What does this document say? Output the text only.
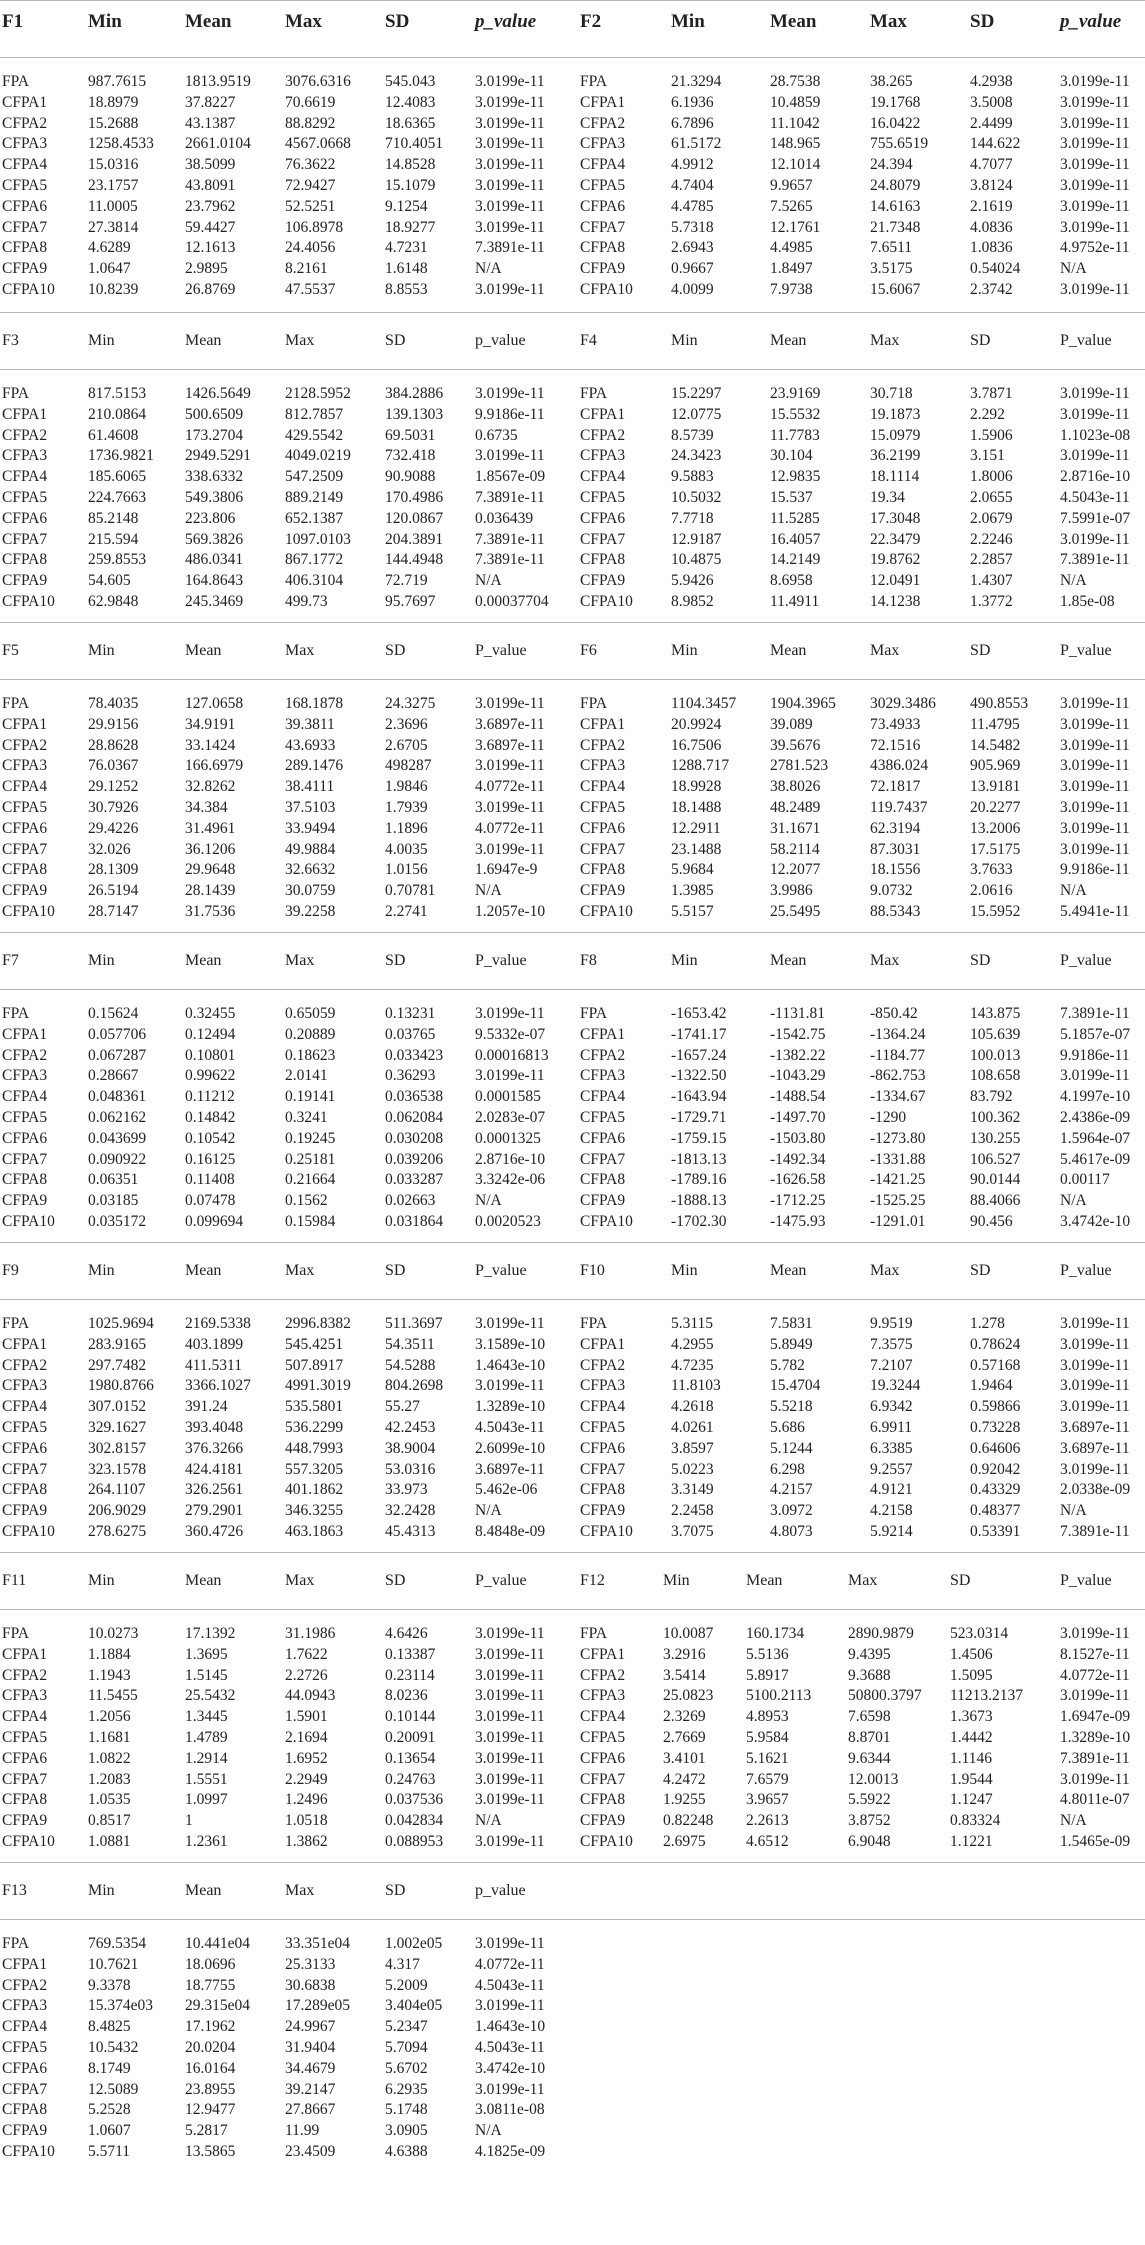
F1	Min	Mean	Max	SD	p_value F2	Min	Mean	Max	SD	p_value
FPA	987.7615	1813.9519 3076.6316 545.043	3.0199e-11
CFPA1	18.8979	37.8227	70.6619	12.4083	3.0199e-11
CFPA2	15.2688	43.1387	88.8292	18.6365	3.0199e-11
CFPA3	1258.4533 2661.0104 4567.0668 710.4051 3.0199e-11
CFPA4	15.0316	38.5099	76.3622	14.8528	3.0199e-11
CFPA5	23.1757	43.8091	72.9427	15.1079	3.0199e-11
CFPA6	11.0005	23.7962	52.5251	9.1254	3.0199e-11
CFPA7	27.3814	59.4427	106.8978	18.9277	3.0199e-11
CFPA8	4.6289	12.1613	24.4056	4.7231	7.3891e-11
CFPA9	1.0647	2.9895	8.2161	1.6148	N/A
CFPA10 10.8239	26.8769	47.5537	8.8553	3.0199e-11
FPA	21.3294	28.7538	38.265	4.2938	3.0199e-11
CFPA1	6.1936	10.4859	19.1768	3.5008	3.0199e-11
CFPA2	6.7896	11.1042	16.0422	2.4499	3.0199e-11
CFPA3	61.5172	148.965	755.6519	144.622	3.0199e-11
CFPA4	4.9912	12.1014	24.394	4.7077	3.0199e-11
CFPA5	4.7404	9.9657	24.8079	3.8124	3.0199e-11
CFPA6	4.4785	7.5265	14.6163	2.1619	3.0199e-11
CFPA7	5.7318	12.1761	21.7348	4.0836	3.0199e-11
CFPA8	2.6943	4.4985	7.6511	1.0836	4.9752e-11
CFPA9	0.9667	1.8497	3.5175	0.54024	N/A
CFPA10 4.0099	7.9738	15.6067	2.3742	3.0199e-11
F3	Min	Mean	Max	SD	p_value	F4	Min	Mean	Max	SD	P_value
FPA	817.5153	1426.5649 2128.5952 384.2886 3.0199e-11
CFPA1	210.0864	500.6509	812.7857	139.1303 9.9186e-11
CFPA2	61.4608	173.2704	429.5542	69.5031	0.6735
CFPA3	1736.9821 2949.5291 4049.0219 732.418	3.0199e-11
CFPA4	185.6065	338.6332	547.2509	90.9088	1.8567e-09
CFPA5	224.7663	549.3806	889.2149	170.4986 7.3891e-11
CFPA6	85.2148	223.806	652.1387	120.0867 0.036439
CFPA7	215.594	569.3826	1097.0103 204.3891 7.3891e-11
CFPA8	259.8553	486.0341	867.1772	144.4948 7.3891e-11
CFPA9	54.605	164.8643	406.3104	72.719	N/A
CFPA10 62.9848	245.3469	499.73	95.7697	0.00037704
FPA	15.2297	23.9169	30.718	3.7871	3.0199e-11
CFPA1	12.0775	15.5532	19.1873	2.292	3.0199e-11
CFPA2	8.5739	11.7783	15.0979	1.5906	1.1023e-08
CFPA3	24.3423	30.104	36.2199	3.151	3.0199e-11
CFPA4	9.5883	12.9835	18.1114	1.8006	2.8716e-10
CFPA5	10.5032	15.537	19.34	2.0655	4.5043e-11
CFPA6	7.7718	11.5285	17.3048	2.0679	7.5991e-07
CFPA7	12.9187	16.4057	22.3479	2.2246	3.0199e-11
CFPA8	10.4875	14.2149	19.8762	2.2857	7.3891e-11
CFPA9	5.9426	8.6958	12.0491	1.4307	N/A
CFPA10 8.9852	11.4911	14.1238	1.3772	1.85e-08
F5	Min	Mean	Max	SD	P_value	F6	Min	Mean	Max	SD	P_value
FPA	78.4035	127.0658	168.1878	24.3275	3.0199e-11
CFPA1	29.9156	34.9191	39.3811	2.3696	3.6897e-11
CFPA2	28.8628	33.1424	43.6933	2.6705	3.6897e-11
CFPA3	76.0367	166.6979	289.1476	498287	3.0199e-11
CFPA4	29.1252	32.8262	38.4111	1.9846	4.0772e-11
CFPA5	30.7926	34.384	37.5103	1.7939	3.0199e-11
CFPA6	29.4226	31.4961	33.9494	1.1896	4.0772e-11
CFPA7	32.026	36.1206	49.9884	4.0035	3.0199e-11
CFPA8	28.1309	29.9648	32.6632	1.0156	1.6947e-9
CFPA9	26.5194	28.1439	30.0759	0.70781	N/A
CFPA10 28.7147	31.7536	39.2258	2.2741	1.2057e-10
FPA	1104.3457 1904.3965 3029.3486 490.8553 3.0199e-11
CFPA1	20.9924	39.089	73.4933	11.4795	3.0199e-11
CFPA2	16.7506	39.5676	72.1516	14.5482	3.0199e-11
CFPA3	1288.717	2781.523	4386.024	905.969	3.0199e-11
CFPA4	18.9928	38.8026	72.1817	13.9181	3.0199e-11
CFPA5	18.1488	48.2489	119.7437	20.2277	3.0199e-11
CFPA6	12.2911	31.1671	62.3194	13.2006	3.0199e-11
CFPA7	23.1488	58.2114	87.3031	17.5175	3.0199e-11
CFPA8	5.9684	12.2077	18.1556	3.7633	9.9186e-11
CFPA9	1.3985	3.9986	9.0732	2.0616	N/A
CFPA10 5.5157	25.5495	88.5343	15.5952	5.4941e-11
F7	Min	Mean	Max	SD	P_value	F8	Min	Mean	Max	SD	P_value
FPA	0.15624	0.32455	0.65059	0.13231	3.0199e-11
CFPA1	0.057706	0.12494	0.20889	0.03765	9.5332e-07
CFPA2	0.067287	0.10801	0.18623	0.033423 0.00016813
CFPA3	0.28667	0.99622	2.0141	0.36293	3.0199e-11
CFPA4	0.048361	0.11212	0.19141	0.036538 0.0001585
CFPA5	0.062162	0.14842	0.3241	0.062084 2.0283e-07
CFPA6	0.043699	0.10542	0.19245	0.030208 0.0001325
CFPA7	0.090922	0.16125	0.25181	0.039206 2.8716e-10
CFPA8	0.06351	0.11408	0.21664	0.033287 3.3242e-06
CFPA9	0.03185	0.07478	0.1562	0.02663	N/A
CFPA10 0.035172	0.099694	0.15984	0.031864 0.0020523
FPA	-1653.42	-1131.81	-850.42	143.875	7.3891e-11
CFPA1	-1741.17	-1542.75	-1364.24	105.639	5.1857e-07
CFPA2	-1657.24	-1382.22	-1184.77	100.013	9.9186e-11
CFPA3	-1322.50	-1043.29	-862.753	108.658	3.0199e-11
CFPA4	-1643.94	-1488.54	-1334.67	83.792	4.1997e-10
CFPA5	-1729.71	-1497.70	-1290	100.362	2.4386e-09
CFPA6	-1759.15	-1503.80	-1273.80	130.255	1.5964e-07
CFPA7	-1813.13	-1492.34	-1331.88	106.527	5.4617e-09
CFPA8	-1789.16	-1626.58	-1421.25	90.0144	0.00117
CFPA9	-1888.13	-1712.25	-1525.25	88.4066	N/A
CFPA10 -1702.30	-1475.93	-1291.01	90.456	3.4742e-10
F9	Min	Mean	Max	SD	P_value	F10	Min	Mean	Max	SD	P_value
FPA	1025.9694 2169.5338 2996.8382 511.3697 3.0199e-11
CFPA1	283.9165	403.1899	545.4251	54.3511	3.1589e-10
CFPA2	297.7482	411.5311	507.8917	54.5288	1.4643e-10
CFPA3	1980.8766 3366.1027 4991.3019 804.2698 3.0199e-11
CFPA4	307.0152	391.24	535.5801	55.27	1.3289e-10
CFPA5	329.1627	393.4048	536.2299	42.2453	4.5043e-11
CFPA6	302.8157	376.3266	448.7993	38.9004	2.6099e-10
CFPA7	323.1578	424.4181	557.3205	53.0316	3.6897e-11
CFPA8	264.1107	326.2561	401.1862	33.973	5.462e-06
CFPA9	206.9029	279.2901	346.3255	32.2428	N/A
CFPA10 278.6275	360.4726	463.1863	45.4313	8.4848e-09
FPA	5.3115	7.5831	9.9519	1.278	3.0199e-11
CFPA1	4.2955	5.8949	7.3575	0.78624	3.0199e-11
CFPA2	4.7235	5.782	7.2107	0.57168	3.0199e-11
CFPA3	11.8103	15.4704	19.3244	1.9464	3.0199e-11
CFPA4	4.2618	5.5218	6.9342	0.59866	3.0199e-11
CFPA5	4.0261	5.686	6.9911	0.73228	3.6897e-11
CFPA6	3.8597	5.1244	6.3385	0.64606	3.6897e-11
CFPA7	5.0223	6.298	9.2557	0.92042	3.0199e-11
CFPA8	3.3149	4.2157	4.9121	0.43329	2.0338e-09
CFPA9	2.2458	3.0972	4.2158	0.48377	N/A
CFPA10 3.7075	4.8073	5.9214	0.53391	7.3891e-11
F11	Min	Mean	Max	SD	P_value	F12	Min	Mean	Max	SD	P_value
FPA	10.0273	17.1392	31.1986	4.6426	3.0199e-11
CFPA1	1.1884	1.3695	1.7622	0.13387	3.0199e-11
CFPA2	1.1943	1.5145	2.2726	0.23114	3.0199e-11
CFPA3	11.5455	25.5432	44.0943	8.0236	3.0199e-11
CFPA4	1.2056	1.3445	1.5901	0.10144	3.0199e-11
CFPA5	1.1681	1.4789	2.1694	0.20091	3.0199e-11
CFPA6	1.0822	1.2914	1.6952	0.13654	3.0199e-11
CFPA7	1.2083	1.5551	2.2949	0.24763	3.0199e-11
CFPA8	1.0535	1.0997	1.2496	0.037536 3.0199e-11
CFPA9	0.8517	1	1.0518	0.042834 N/A
CFPA10 1.0881	1.2361	1.3862	0.088953 3.0199e-11
FPA	10.0087 160.1734	2890.9879 523.0314	3.0199e-11
CFPA1 3.2916	5.5136	9.4395	1.4506	8.1527e-11
CFPA2 3.5414	5.8917	9.3688	1.5095	4.0772e-11
CFPA3 25.0823 5100.2113 50800.3797 11213.2137 3.0199e-11
CFPA4 2.3269	4.8953	7.6598	1.3673	1.6947e-09
CFPA5 2.7669	5.9584	8.8701	1.4442	1.3289e-10
CFPA6 3.4101	5.1621	9.6344	1.1146	7.3891e-11
CFPA7 4.2472	7.6579	12.0013	1.9544	3.0199e-11
CFPA8 1.9255	3.9657	5.5922	1.1247	4.8011e-07
CFPA9 0.82248 2.2613	3.8752	0.83324	N/A
CFPA10 2.6975	4.6512	6.9048	1.1221	1.5465e-09
F13	Min	Mean	Max	SD	p_value
FPA	769.5354	10.441e04 33.351e04 1.002e05 3.0199e-11
CFPA1	10.7621	18.0696	25.3133	4.317	4.0772e-11
CFPA2	9.3378	18.7755	30.6838	5.2009	4.5043e-11
CFPA3	15.374e03 29.315e04 17.289e05 3.404e05 3.0199e-11
CFPA4	8.4825	17.1962	24.9967	5.2347	1.4643e-10
CFPA5	10.5432	20.0204	31.9404	5.7094	4.5043e-11
CFPA6	8.1749	16.0164	34.4679	5.6702	3.4742e-10
CFPA7	12.5089	23.8955	39.2147	6.2935	3.0199e-11
CFPA8	5.2528	12.9477	27.8667	5.1748	3.0811e-08
CFPA9	1.0607	5.2817	11.99	3.0905	N/A
CFPA10 5.5711	13.5865	23.4509	4.6388	4.1825e-09
